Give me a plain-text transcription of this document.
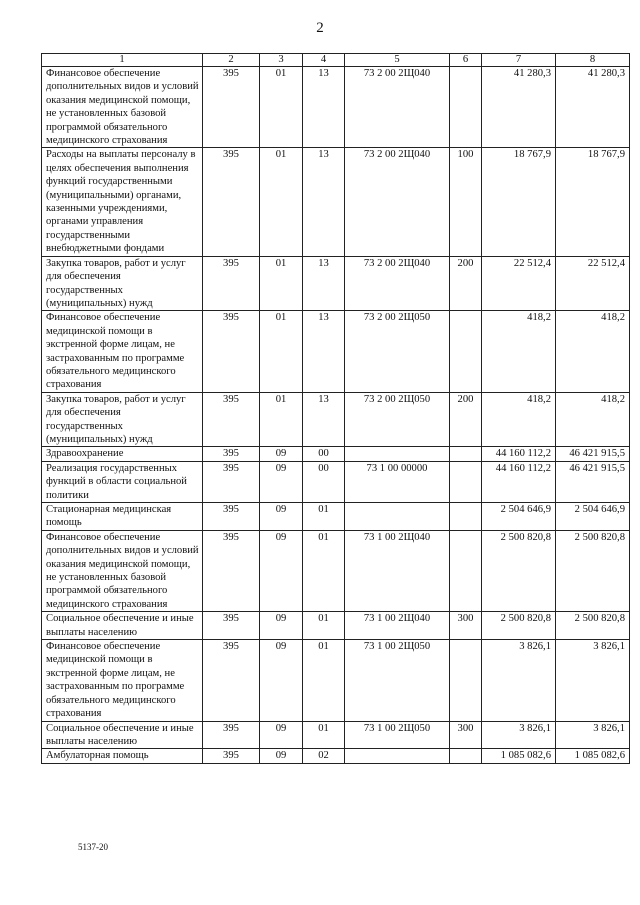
2
1	2	3	4	5	6	7	8
Финансовое обеспечение дополнительных видов и условий оказания медицинской помощи, не установленных базовой программой обязательного медицинского страхования	395	01	13	73 2 00 2Щ040		41 280,3	41 280,3
Расходы на выплаты персоналу в целях обеспечения выполнения функций государственными (муниципальными) органами, казенными учреждениями, органами управления государственными внебюджетными фондами	395	01	13	73 2 00 2Щ040	100	18 767,9	18 767,9
Закупка товаров, работ и услуг для обеспечения государственных (муниципальных) нужд	395	01	13	73 2 00 2Щ040	200	22 512,4	22 512,4
Финансовое обеспечение медицинской помощи в экстренной форме лицам, не застрахованным по программе обязательного медицинского страхования	395	01	13	73 2 00 2Щ050		418,2	418,2
Закупка товаров, работ и услуг для обеспечения государственных (муниципальных) нужд	395	01	13	73 2 00 2Щ050	200	418,2	418,2
Здравоохранение	395	09	00			44 160 112,2	46 421 915,5
Реализация государственных функций в области социальной политики	395	09	00	73 1 00 00000		44 160 112,2	46 421 915,5
Стационарная медицинская помощь	395	09	01			2 504 646,9	2 504 646,9
Финансовое обеспечение дополнительных видов и условий оказания медицинской помощи, не установленных базовой программой обязательного медицинского страхования	395	09	01	73 1 00 2Щ040		2 500 820,8	2 500 820,8
Социальное обеспечение и иные выплаты населению	395	09	01	73 1 00 2Щ040	300	2 500 820,8	2 500 820,8
Финансовое обеспечение медицинской помощи в экстренной форме лицам, не застрахованным по программе обязательного медицинского страхования	395	09	01	73 1 00 2Щ050		3 826,1	3 826,1
Социальное обеспечение и иные выплаты населению	395	09	01	73 1 00 2Щ050	300	3 826,1	3 826,1
Амбулаторная помощь	395	09	02			1 085 082,6	1 085 082,6
5137-20
